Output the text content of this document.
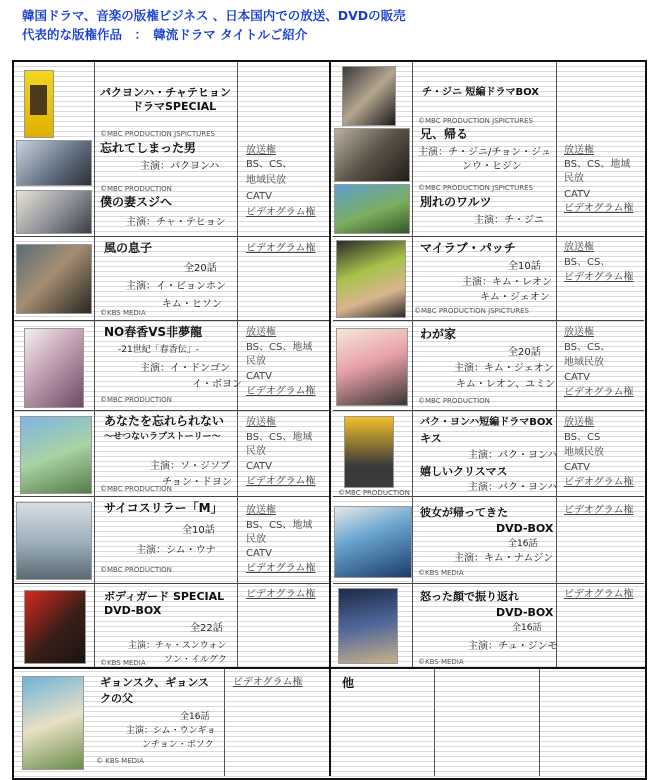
韓国ドラマ、音楽の版権ビジネス 、日本国内での放送、DVDの販売
代表的な版権作品　：　韓流ドラマ タイトルご紹介
パクヨンハ・チャテヒョン
ドラマSPECIAL
©MBC PRODUCTION JSPICTURES
忘れてしまった男
主演：パクヨンハ
©MBC PRODUCTION
僕の妻スジへ
主演：チャ・テヒョン
放送権
BS、CS、
地域民放
CATV
ビデオグラム権
風の息子
全20話
主演：イ・ビョンホン
キム・ヒソン
©KBS MEDIA
ビデオグラム権
NO春香VS非夢龍
-21世紀「春香伝」-
主演：イ・ドンゴン
イ・ボヨン
©MBC PRODUCTION
放送権
BS、CS、地域
民放
CATV
ビデオグラム権
あなたを忘れられない
～せつないラブストーリー～
主演：ソ・ジソブ
チョン・ドヨン
©MBC PRODUCTION
放送権
BS、CS、地域
民放
CATV
ビデオグラム権
サイコスリラー「M」
全10話
主演：シム・ウナ
©MBC PRODUCTION
放送権
BS、CS、地域
民放
CATV
ビデオグラム権
ボディガード SPECIAL
DVD-BOX
全22話
主演：チャ・スンウォン
ソン・イルグク
©KBS MEDIA
ビデオグラム権
ギョンスク、ギョンス
クの父
全16話
主演：シム・ウンギョ
ンチョン・ボソク
© KBS MEDIA
ビデオグラム権
チ・ジニ 短編ドラマBOX
©MBC PRODUCTION JSPICTURES
兄、帰る
主演：チ・ジニ/チョン・ジュ
ンウ・ヒジン
©MBC PRODUCTION JSPICTURES
別れのワルツ
主演：チ・ジニ
放送権
BS、CS、地域
民放
CATV
ビデオグラム権
マイラブ・パッチ
全10話
主演：キム・レオン
キム・ジェオン
©MBC PRODUCTION JSPICTURES
放送権
BS、CS、
ビデオグラム権
わが家
全20話
主演：キム・ジェオン
キム・レオン、ユミン
©MBC PRODUCTION
放送権
BS、CS、
地域民放
CATV
ビデオグラム権
パク・ヨンハ短編ドラマBOX
キス
主演：パク・ヨンハ
嬉しいクリスマス
主演：パク・ヨンハ
©MBC PRODUCTION
放送権
BS、CS
地域民放
CATV
ビデオグラム権
彼女が帰ってきた
DVD-BOX
全16話
主演：キム・ナムジン
©KBS MEDIA
ビデオグラム権
怒った顔で振り返れ
DVD-BOX
全16話
主演：チュ・ジンモ
©KBS MEDIA
ビデオグラム権
他
